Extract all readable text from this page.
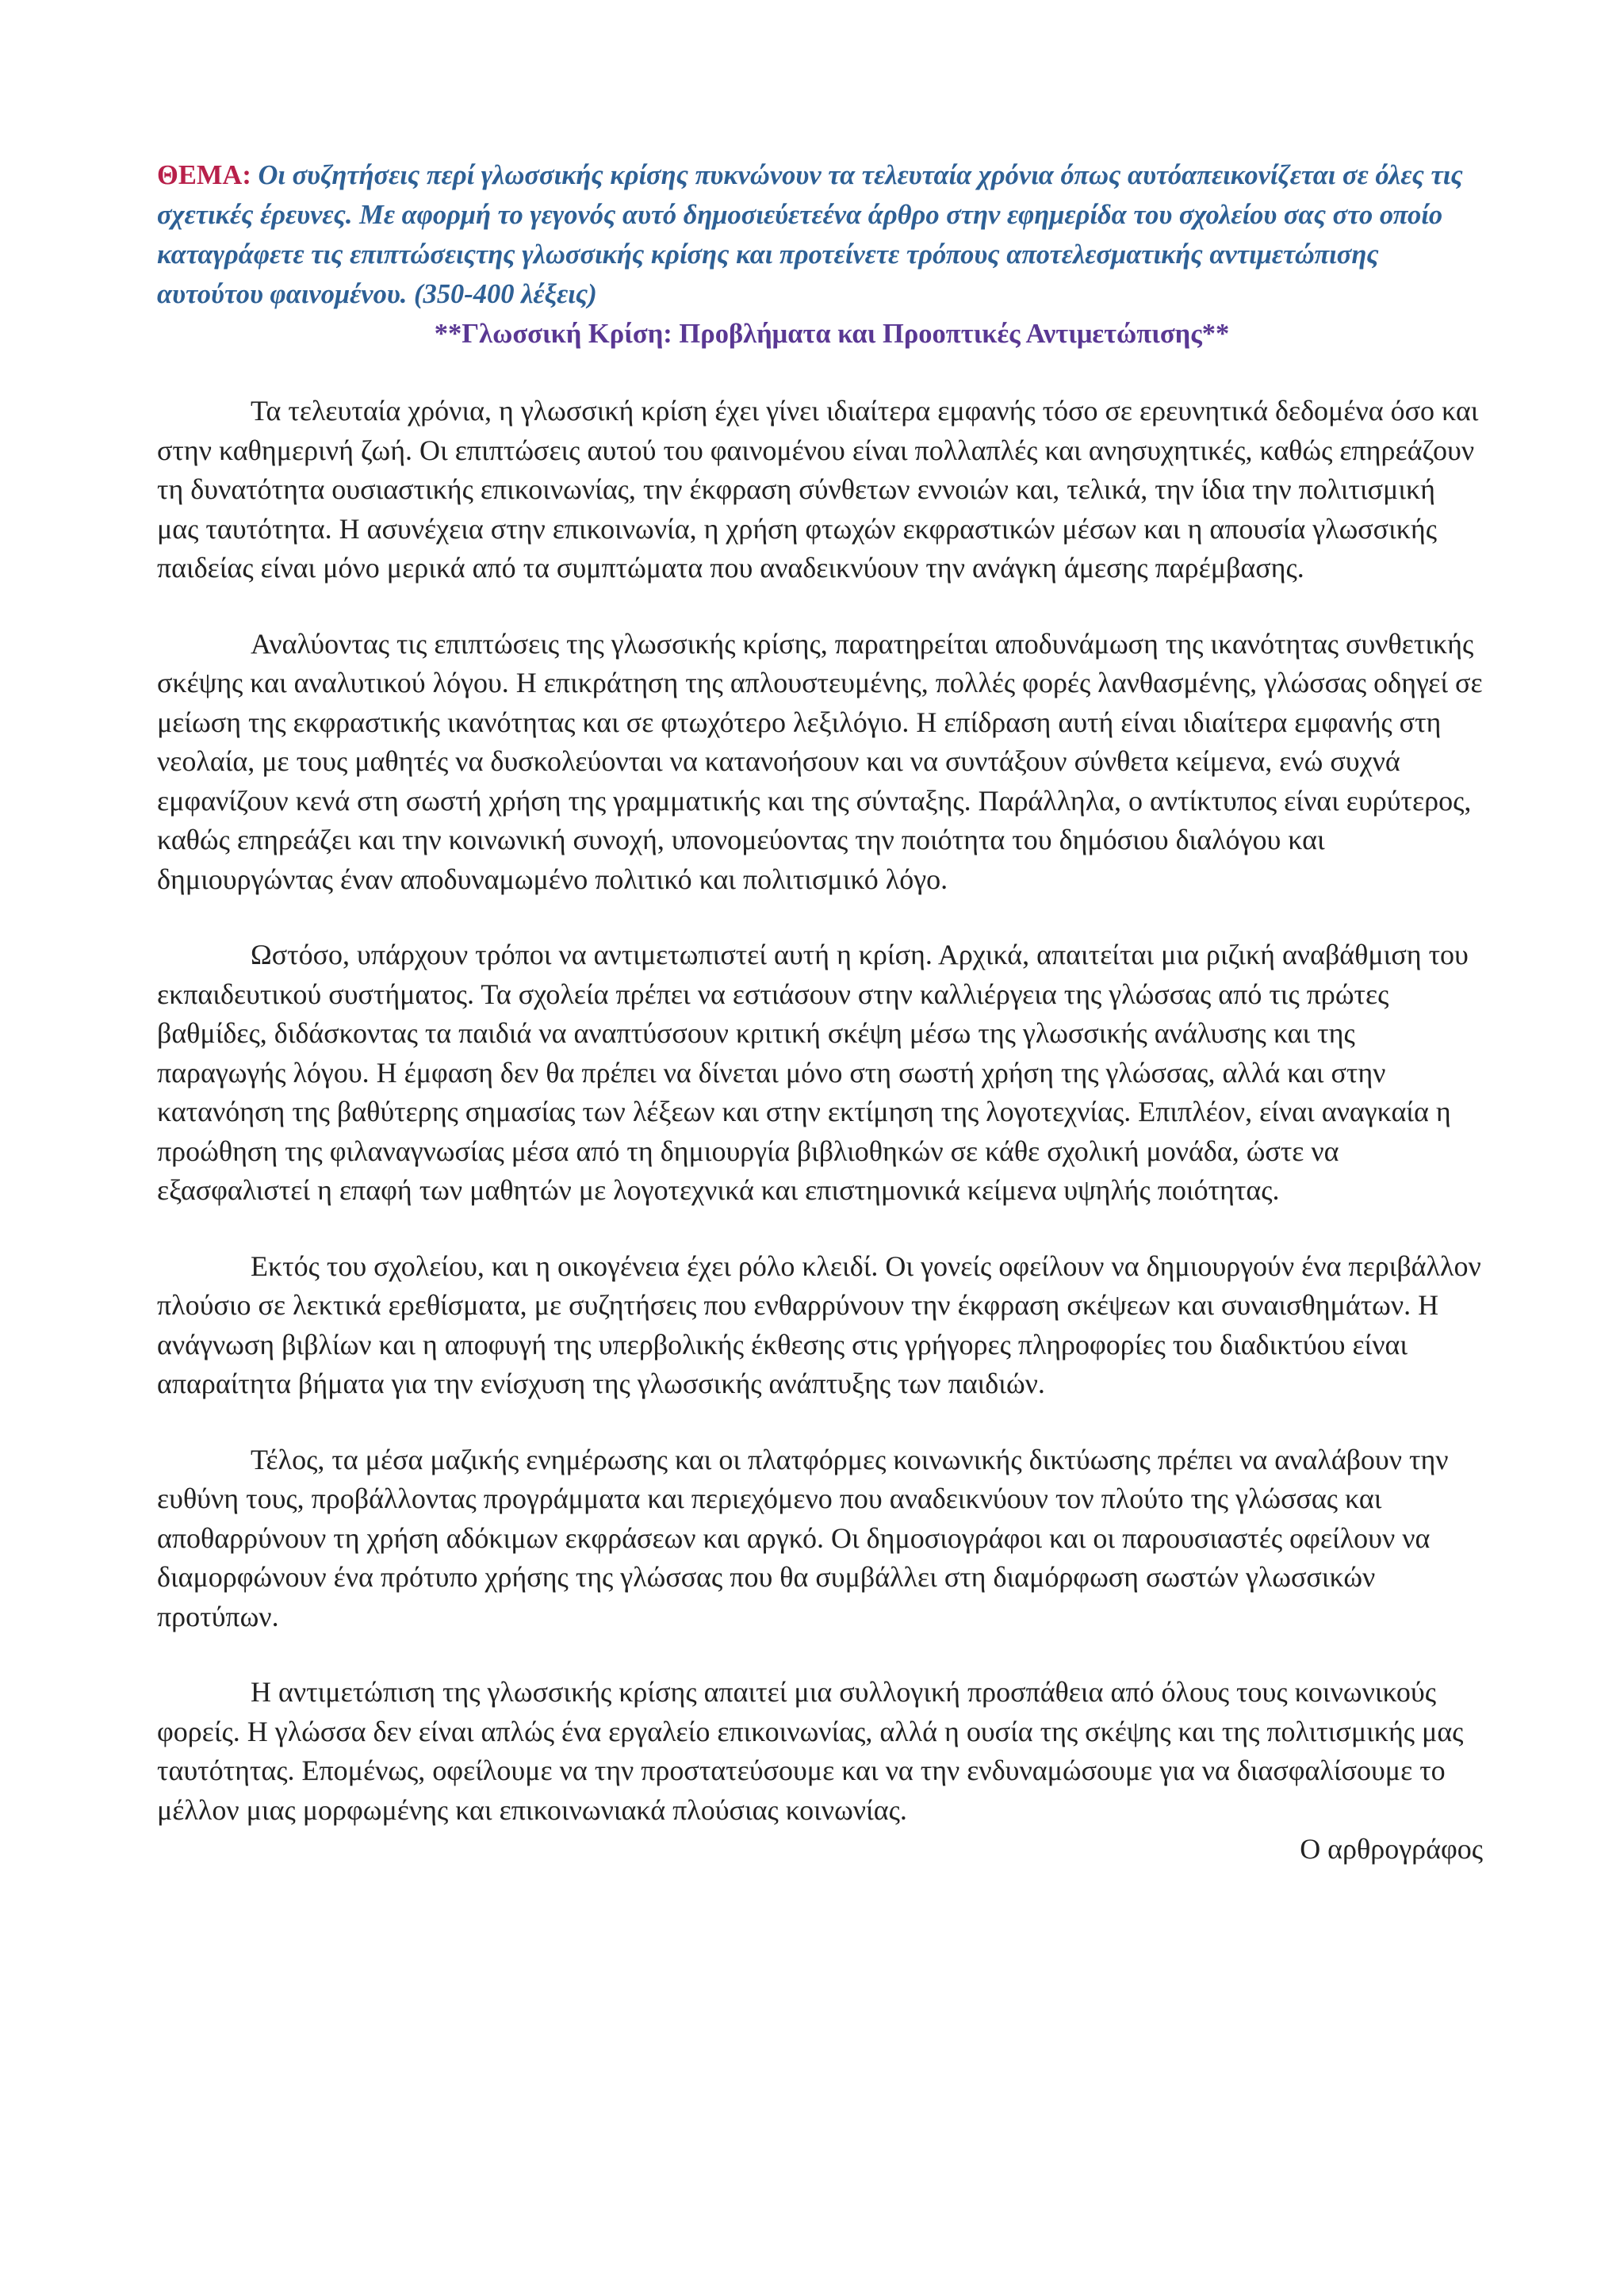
ΘΕΜΑ: Οι συζητήσεις περί γλωσσικής κρίσης πυκνώνουν τα τελευταία χρόνια όπως αυτόαπεικονίζεται σε όλες τις σχετικές έρευνες. Με αφορμή το γεγονός αυτό δημοσιεύετεένα άρθρο στην εφημερίδα του σχολείου σας στο οποίο καταγράφετε τις επιπτώσειςτης γλωσσικής κρίσης και προτείνετε τρόπους αποτελεσματικής αντιμετώπισης αυτούτου φαινομένου. (350-400 λέξεις)

**Γλωσσική Κρίση: Προβλήματα και Προοπτικές Αντιμετώπισης**

Τα τελευταία χρόνια, η γλωσσική κρίση έχει γίνει ιδιαίτερα εμφανής τόσο σε ερευνητικά δεδομένα όσο και στην καθημερινή ζωή. Οι επιπτώσεις αυτού του φαινομένου είναι πολλαπλές και ανησυχητικές, καθώς επηρεάζουν τη δυνατότητα ουσιαστικής επικοινωνίας, την έκφραση σύνθετων εννοιών και, τελικά, την ίδια την πολιτισμική μας ταυτότητα. Η ασυνέχεια στην επικοινωνία, η χρήση φτωχών εκφραστικών μέσων και η απουσία γλωσσικής παιδείας είναι μόνο μερικά από τα συμπτώματα που αναδεικνύουν την ανάγκη άμεσης παρέμβασης.

Αναλύοντας τις επιπτώσεις της γλωσσικής κρίσης, παρατηρείται αποδυνάμωση της ικανότητας συνθετικής σκέψης και αναλυτικού λόγου. Η επικράτηση της απλουστευμένης, πολλές φορές λανθασμένης, γλώσσας οδηγεί σε μείωση της εκφραστικής ικανότητας και σε φτωχότερο λεξιλόγιο. Η επίδραση αυτή είναι ιδιαίτερα εμφανής στη νεολαία, με τους μαθητές να δυσκολεύονται να κατανοήσουν και να συντάξουν σύνθετα κείμενα, ενώ συχνά εμφανίζουν κενά στη σωστή χρήση της γραμματικής και της σύνταξης. Παράλληλα, ο αντίκτυπος είναι ευρύτερος, καθώς επηρεάζει και την κοινωνική συνοχή, υπονομεύοντας την ποιότητα του δημόσιου διαλόγου και δημιουργώντας έναν αποδυναμωμένο πολιτικό και πολιτισμικό λόγο.

Ωστόσο, υπάρχουν τρόποι να αντιμετωπιστεί αυτή η κρίση. Αρχικά, απαιτείται μια ριζική αναβάθμιση του εκπαιδευτικού συστήματος. Τα σχολεία πρέπει να εστιάσουν στην καλλιέργεια της γλώσσας από τις πρώτες βαθμίδες, διδάσκοντας τα παιδιά να αναπτύσσουν κριτική σκέψη μέσω της γλωσσικής ανάλυσης και της παραγωγής λόγου. Η έμφαση δεν θα πρέπει να δίνεται μόνο στη σωστή χρήση της γλώσσας, αλλά και στην κατανόηση της βαθύτερης σημασίας των λέξεων και στην εκτίμηση της λογοτεχνίας. Επιπλέον, είναι αναγκαία η προώθηση της φιλαναγνωσίας μέσα από τη δημιουργία βιβλιοθηκών σε κάθε σχολική μονάδα, ώστε να εξασφαλιστεί η επαφή των μαθητών με λογοτεχνικά και επιστημονικά κείμενα υψηλής ποιότητας.

Εκτός του σχολείου, και η οικογένεια έχει ρόλο κλειδί. Οι γονείς οφείλουν να δημιουργούν ένα περιβάλλον πλούσιο σε λεκτικά ερεθίσματα, με συζητήσεις που ενθαρρύνουν την έκφραση σκέψεων και συναισθημάτων. Η ανάγνωση βιβλίων και η αποφυγή της υπερβολικής έκθεσης στις γρήγορες πληροφορίες του διαδικτύου είναι απαραίτητα βήματα για την ενίσχυση της γλωσσικής ανάπτυξης των παιδιών.

Τέλος, τα μέσα μαζικής ενημέρωσης και οι πλατφόρμες κοινωνικής δικτύωσης πρέπει να αναλάβουν την ευθύνη τους, προβάλλοντας προγράμματα και περιεχόμενο που αναδεικνύουν τον πλούτο της γλώσσας και αποθαρρύνουν τη χρήση αδόκιμων εκφράσεων και αργκό. Οι δημοσιογράφοι και οι παρουσιαστές οφείλουν να διαμορφώνουν ένα πρότυπο χρήσης της γλώσσας που θα συμβάλλει στη διαμόρφωση σωστών γλωσσικών προτύπων.

Η αντιμετώπιση της γλωσσικής κρίσης απαιτεί μια συλλογική προσπάθεια από όλους τους κοινωνικούς φορείς. Η γλώσσα δεν είναι απλώς ένα εργαλείο επικοινωνίας, αλλά η ουσία της σκέψης και της πολιτισμικής μας ταυτότητας. Επομένως, οφείλουμε να την προστατεύσουμε και να την ενδυναμώσουμε για να διασφαλίσουμε το μέλλον μιας μορφωμένης και επικοινωνιακά πλούσιας κοινωνίας.

Ο αρθρογράφος
